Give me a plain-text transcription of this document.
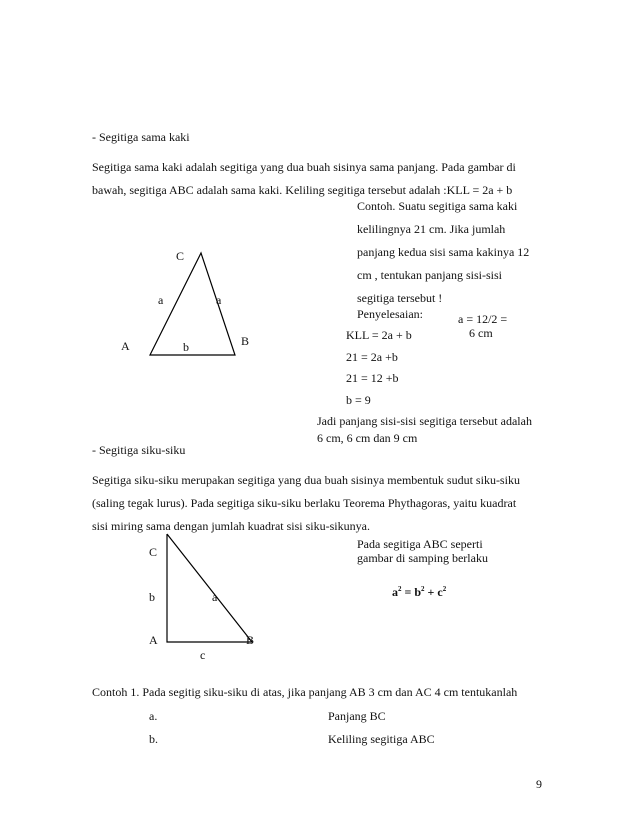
- Segitiga sama kaki
Segitiga sama kaki adalah segitiga yang dua buah sisinya sama panjang. Pada gambar di
bawah, segitiga ABC adalah sama kaki. Keliling segitiga tersebut adalah :KLL = 2a + b
Contoh. Suatu segitiga sama kaki
kelilingnya 21 cm. Jika jumlah
panjang kedua sisi sama kakinya 12
cm , tentukan panjang sisi-sisi
segitiga tersebut !
Penyelesaian:	a = 12/2 =
6 cm
KLL = 2a + b
21 = 2a +b
21 = 12 +b
b = 9
Jadi panjang sisi-sisi segitiga tersebut adalah
6 cm, 6 cm dan 9 cm
C
a	a
A	b	B
- Segitiga siku-siku
Segitiga siku-siku merupakan segitiga yang dua buah sisinya membentuk sudut siku-siku
(saling tegak lurus). Pada segitiga siku-siku berlaku Teorema Phythagoras, yaitu kuadrat
sisi miring sama dengan jumlah kuadrat sisi siku-sikunya.
Pada segitiga ABC seperti
gambar di samping berlaku
$a^2 = b^2 + c^2$
C
b	a
A	B
c
Contoh 1. Pada segitig siku-siku di atas, jika panjang AB 3 cm dan AC 4 cm tentukanlah
a.	Panjang BC
b.	Keliling segitiga ABC
9
